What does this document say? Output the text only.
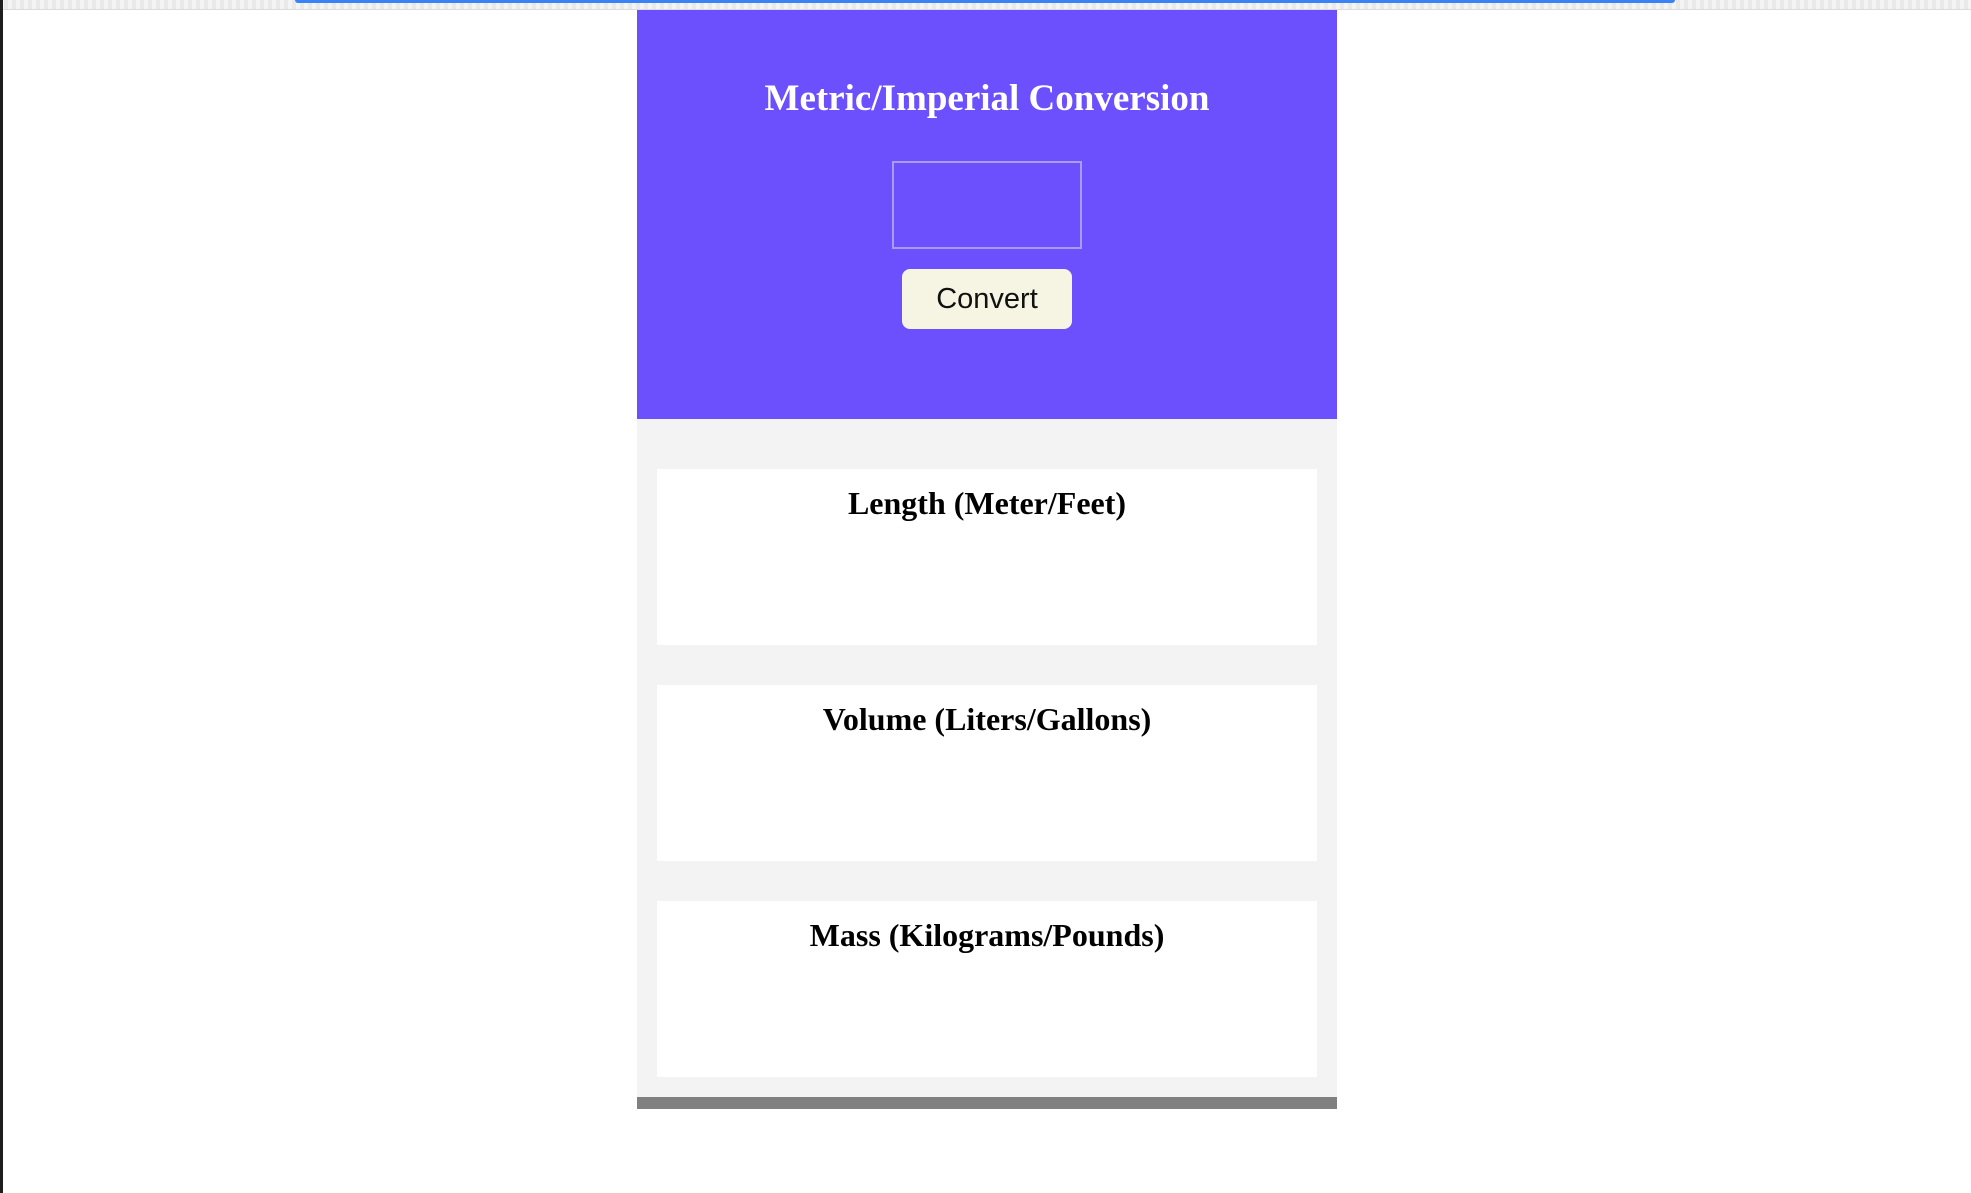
Metric/Imperial Conversion
Convert
Length (Meter/Feet)

Volume (Liters/Gallons)

Mass (Kilograms/Pounds)
